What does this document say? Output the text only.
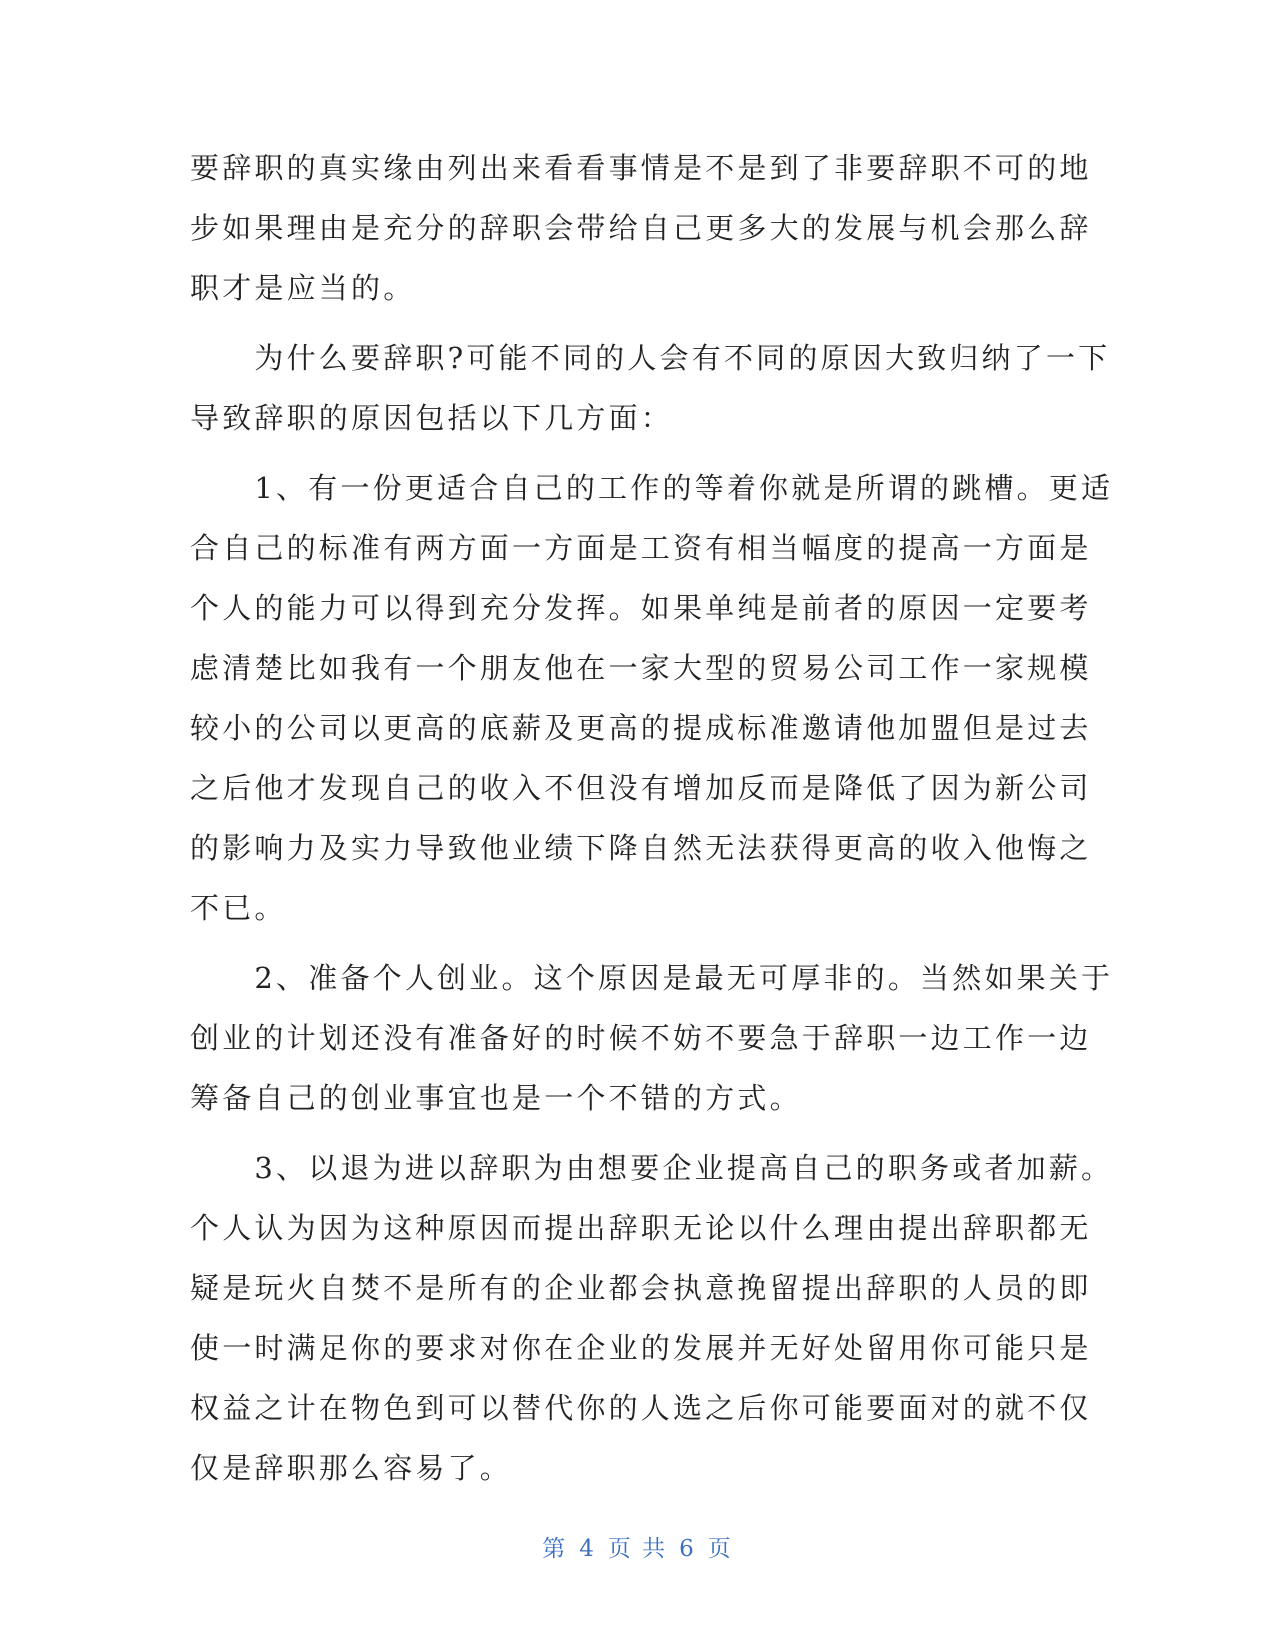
要辞职的真实缘由列出来看看事情是不是到了非要辞职不可的地
步如果理由是充分的辞职会带给自己更多大的发展与机会那么辞
职才是应当的。
　　为什么要辞职?可能不同的人会有不同的原因大致归纳了一下
导致辞职的原因包括以下几方面：
　　1、有一份更适合自己的工作的等着你就是所谓的跳槽。更适
合自己的标准有两方面一方面是工资有相当幅度的提高一方面是
个人的能力可以得到充分发挥。如果单纯是前者的原因一定要考
虑清楚比如我有一个朋友他在一家大型的贸易公司工作一家规模
较小的公司以更高的底薪及更高的提成标准邀请他加盟但是过去
之后他才发现自己的收入不但没有增加反而是降低了因为新公司
的影响力及实力导致他业绩下降自然无法获得更高的收入他悔之
不已。
　　2、准备个人创业。这个原因是最无可厚非的。当然如果关于
创业的计划还没有准备好的时候不妨不要急于辞职一边工作一边
筹备自己的创业事宜也是一个不错的方式。
　　3、以退为进以辞职为由想要企业提高自己的职务或者加薪。
个人认为因为这种原因而提出辞职无论以什么理由提出辞职都无
疑是玩火自焚不是所有的企业都会执意挽留提出辞职的人员的即
使一时满足你的要求对你在企业的发展并无好处留用你可能只是
权益之计在物色到可以替代你的人选之后你可能要面对的就不仅
仅是辞职那么容易了。
第 4 页 共 6 页
